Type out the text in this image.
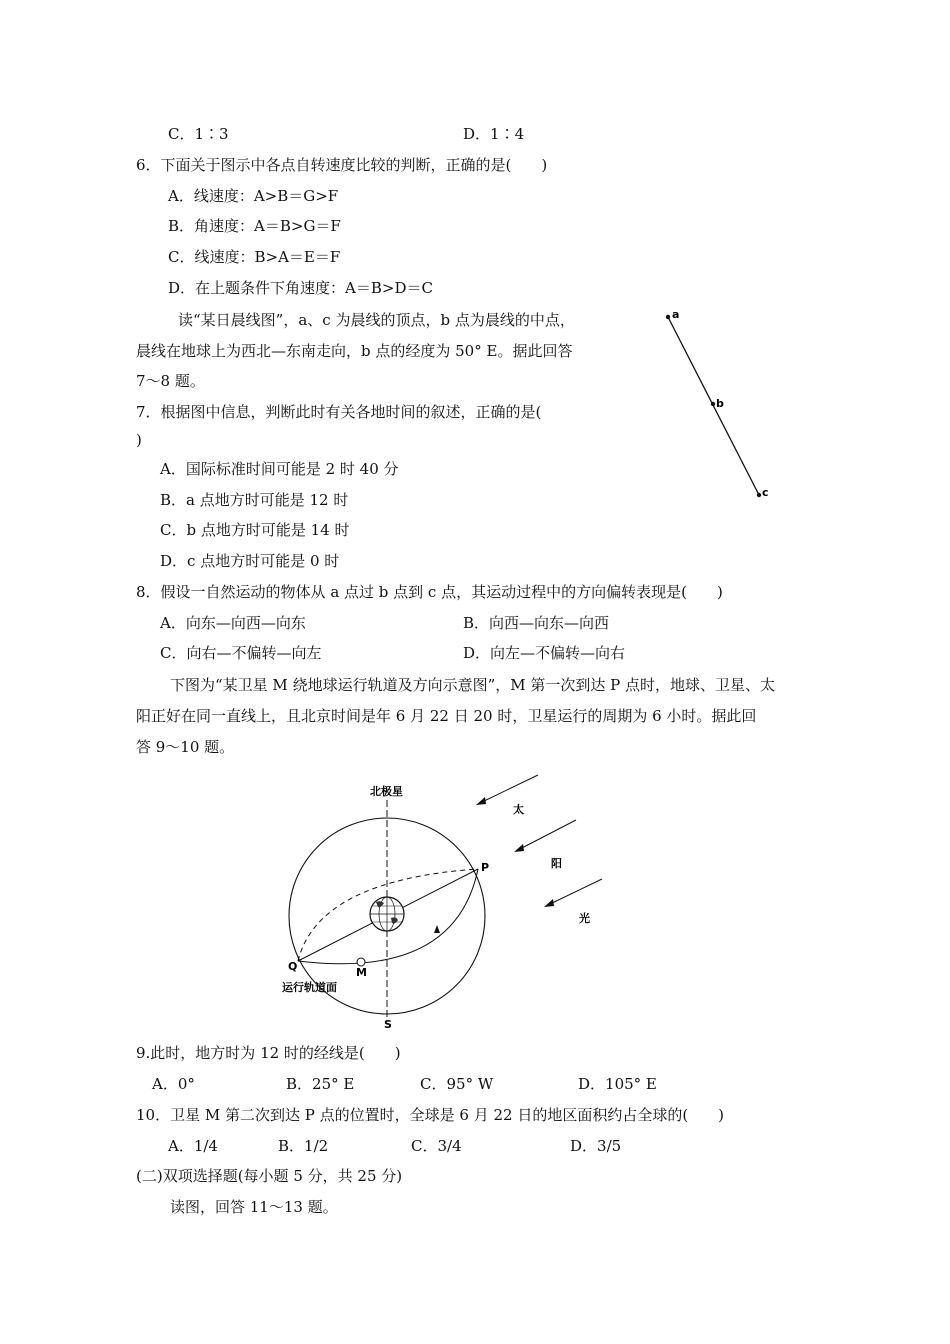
C．1∶3	D．1∶4
6．下面关于图示中各点自转速度比较的判断，正确的是(　　)
A．线速度：A>B＝G>F
B．角速度：A＝B>G＝F
C．线速度：B>A＝E＝F
D．在上题条件下角速度：A＝B>D＝C
读“某日晨线图”，a、c 为晨线的顶点，b 点为晨线的中点，
晨线在地球上为西北—东南走向，b 点的经度为 50° E。据此回答
7～8 题。
a
b
c
7．根据图中信息，判断此时有关各地时间的叙述，正确的是(
)
A．国际标准时间可能是 2 时 40 分
B．a 点地方时可能是 12 时
C．b 点地方时可能是 14 时
D．c 点地方时可能是 0 时
8．假设一自然运动的物体从 a 点过 b 点到 c 点，其运动过程中的方向偏转表现是(　　)
A．向东—向西—向东	B．向西—向东—向西
C．向右—不偏转—向左	D．向左—不偏转—向右
下图为“某卫星 M 绕地球运行轨道及方向示意图”，M 第一次到达 P 点时，地球、卫星、太
阳正好在同一直线上，且北京时间是年 6 月 22 日 20 时，卫星运行的周期为 6 小时。据此回
答 9～10 题。
北极星
太
阳
光
P
Q	M
S
运行轨道面
9.此时，地方时为 12 时的经线是(　　)
A．0°	B．25° E	C．95° W	D．105° E
10．卫星 M 第二次到达 P 点的位置时，全球是 6 月 22 日的地区面积约占全球的(　　)
A．1/4	B．1/2	C．3/4	D．3/5
(二)双项选择题(每小题 5 分，共 25 分)
读图，回答 11～13 题。
